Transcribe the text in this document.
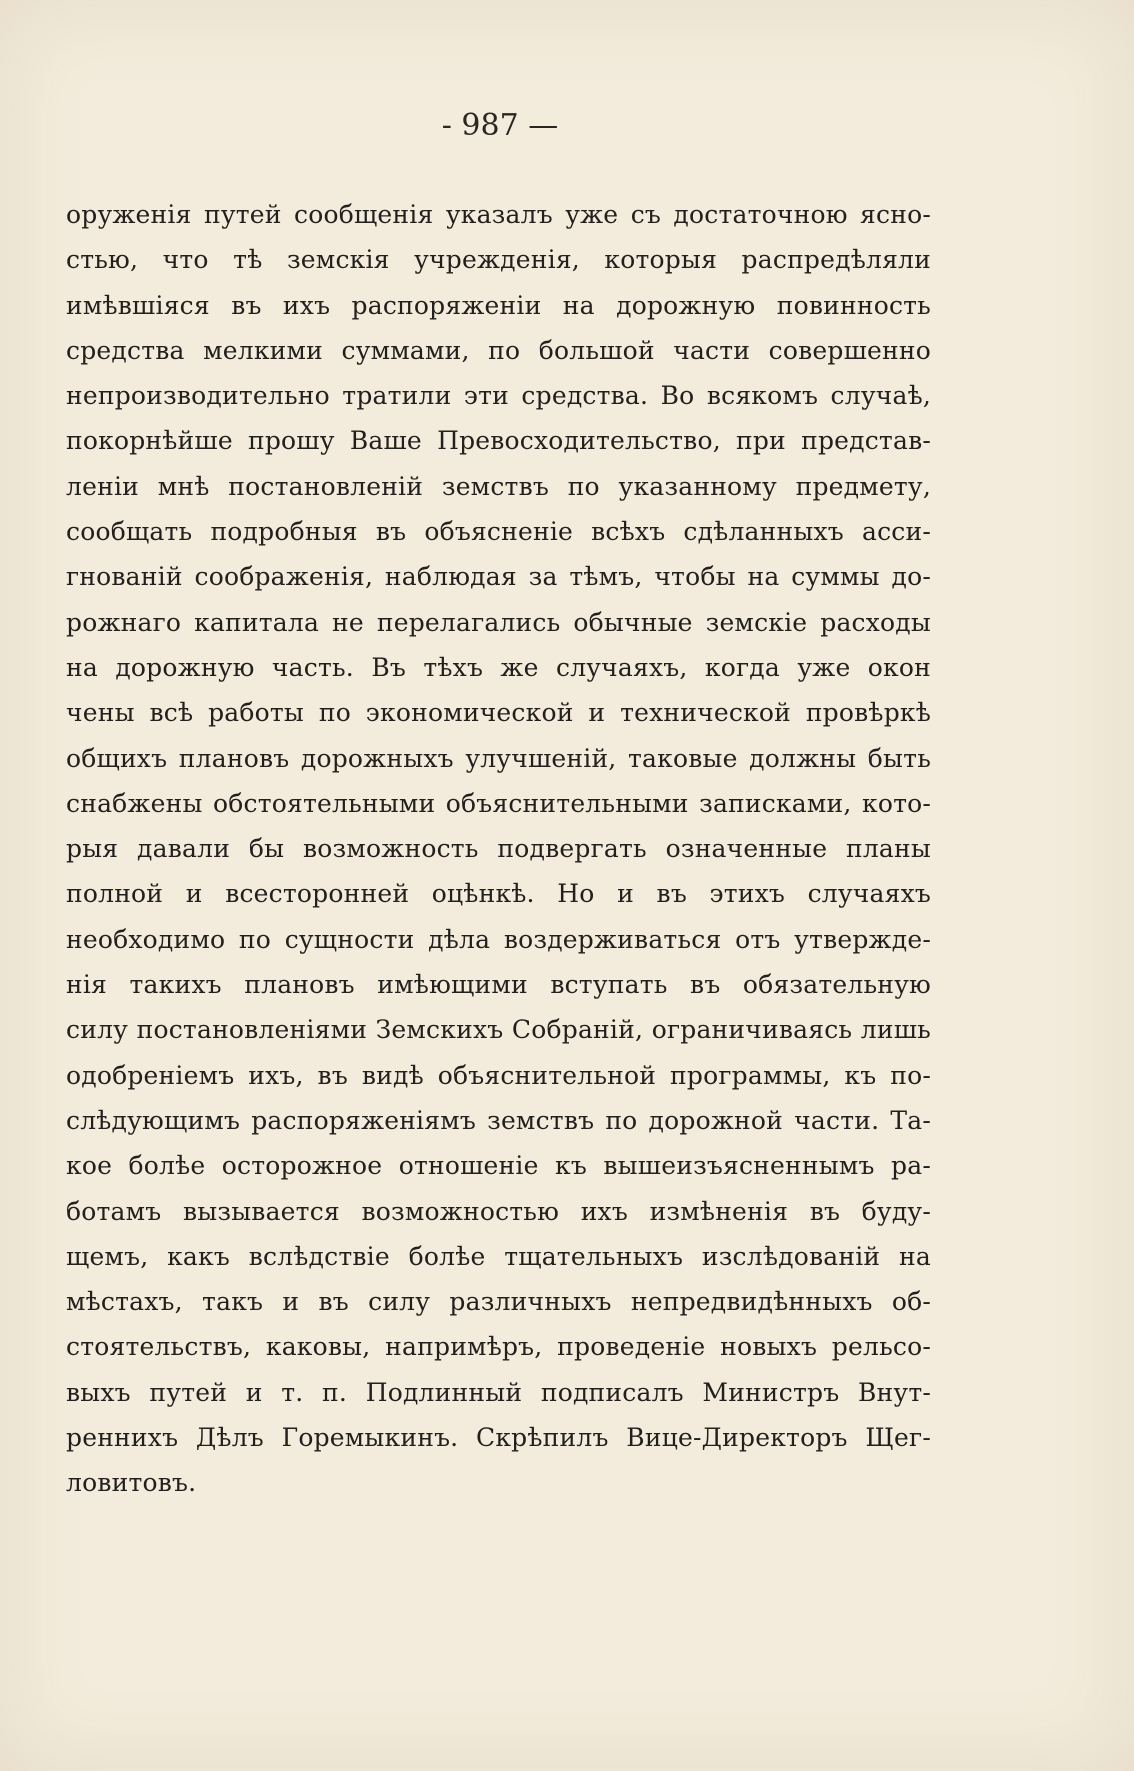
- 987 —
оруженія путей сообщенія указалъ уже съ достаточною ясно-
стью, что тѣ земскія учрежденія, которыя распредѣляли
имѣвшіяся въ ихъ распоряженіи на дорожную повинность
средства мелкими суммами, по большой части совершенно
непроизводительно тратили эти средства. Во всякомъ случаѣ,
покорнѣйше прошу Ваше Превосходительство, при представ-
леніи мнѣ постановленій земствъ по указанному предмету,
сообщать подробныя въ объясненіе всѣхъ сдѣланныхъ асси-
гнованій соображенія, наблюдая за тѣмъ, чтобы на суммы до-
рожнаго капитала не перелагались обычные земскіе расходы
на дорожную часть. Въ тѣхъ же случаяхъ, когда уже окон
чены всѣ работы по экономической и технической провѣркѣ
общихъ плановъ дорожныхъ улучшеній, таковые должны быть
снабжены обстоятельными объяснительными записками, кото-
рыя давали бы возможность подвергать означенные планы
полной и всесторонней оцѣнкѣ. Но и въ этихъ случаяхъ
необходимо по сущности дѣла воздерживаться отъ утвержде-
нія такихъ плановъ имѣющими вступать въ обязательную
силу постановленіями Земскихъ Собраній, ограничиваясь лишь
одобреніемъ ихъ, въ видѣ объяснительной программы, къ по-
слѣдующимъ распоряженіямъ земствъ по дорожной части. Та-
кое болѣе осторожное отношеніе къ вышеизъясненнымъ ра-
ботамъ вызывается возможностью ихъ измѣненія въ буду-
щемъ, какъ вслѣдствіе болѣе тщательныхъ изслѣдованій на
мѣстахъ, такъ и въ силу различныхъ непредвидѣнныхъ об-
стоятельствъ, каковы, напримѣръ, проведеніе новыхъ рельсо-
выхъ путей и т. п. Подлинный подписалъ Министръ Внут-
реннихъ Дѣлъ Горемыкинъ. Скрѣпилъ Вице-Директоръ Щег-
ловитовъ.
